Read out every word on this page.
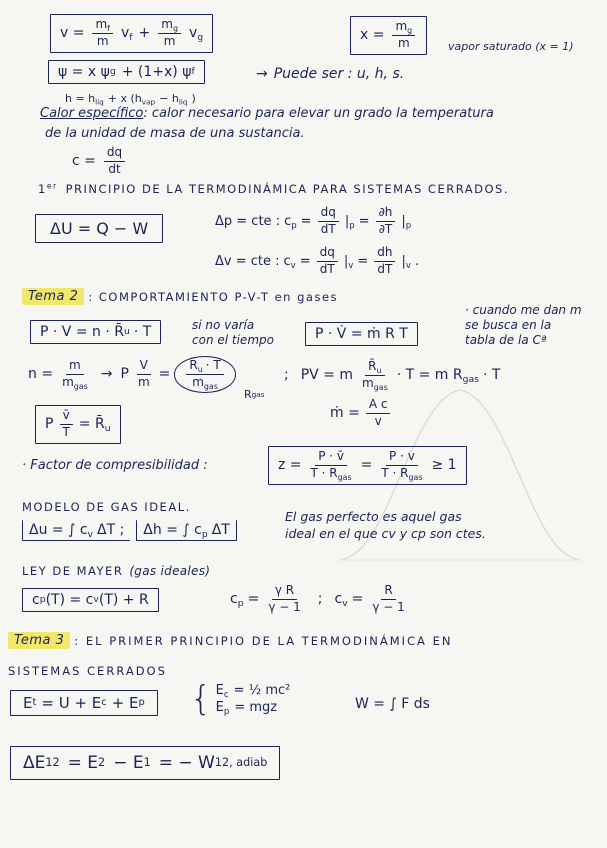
$v = \frac{m_f}{m} v_f + \frac{m_g}{m} v_g$	$x = \frac{m_g}{m}$	vapor saturado (x = 1)
ψ = x ψ g + (1+x) ψ f	→ Puede ser : u, h, s.
$h = h_{liq} + x$ ($h_{vap} - h_{liq}$ )
Calor específico : calor necesario para elevar un grado la temperatura
de la unidad de masa de una sustancia.
$c = \frac{dq}{dt}$
1er PRINCIPIO DE LA TERMODINÁMICA PARA SISTEMAS CERRADOS.
ΔU = Q − W	Δp = cte : $c_p = \frac{dq}{dT} |_p = \frac{\partial h}{\partial T} |_p$
Δv = cte : $c_v = \frac{dq}{dT} |_v = \frac{dh}{dT} |_v$ .
Tema 2 : COMPORTAMIENTO P-V-T en gases
· cuando me dan m
se busca en la
tabla de la Cª
P · V = n · R̄ u · T	si no varía
con el tiempo	P · V̇ = ṁ R T
$n = \frac{m}{m_{gas}} \to P \frac{V}{m} = \frac{R̄_u \cdot T}{m_{gas}}$
R gas
; PV = m $\frac{R̄_u}{m_{gas}} \cdot T = m$ $R_{gas} \cdot T$
P $\frac{v̄}{T}$ = $R̄_u$
ṁ = $\frac{\text{A c}}{v}$
· Factor de compresibilidad :	$z = \frac{P \cdot v̄}{T \cdot R_{gas}} = \frac{P \cdot v}{T \cdot R_{gas}} \ge 1$
MODELO DE GAS IDEAL.
Δu = ∫ $c_v$ ΔT ;	Δh = ∫ $c_p$ ΔT
El gas perfecto es aquel gas
ideal en el que cv y cp son ctes.
LEY DE MAYER (gas ideales)
c p (T) = c v (T) + R	$c_p = \frac{\text{γ R}}{\gamma - 1}$ ; $c_v = \frac{R}{\gamma - 1}$
Tema 3 : EL PRIMER PRINCIPIO DE LA TERMODINÁMICA EN
SISTEMAS CERRADOS
E t = U + E c + E p { $E_c$ = ½ mc²
$E_p$ = mgz	W = ∫ F ds
ΔE 12 = E 2 − E 1 = − W 12, adiab
